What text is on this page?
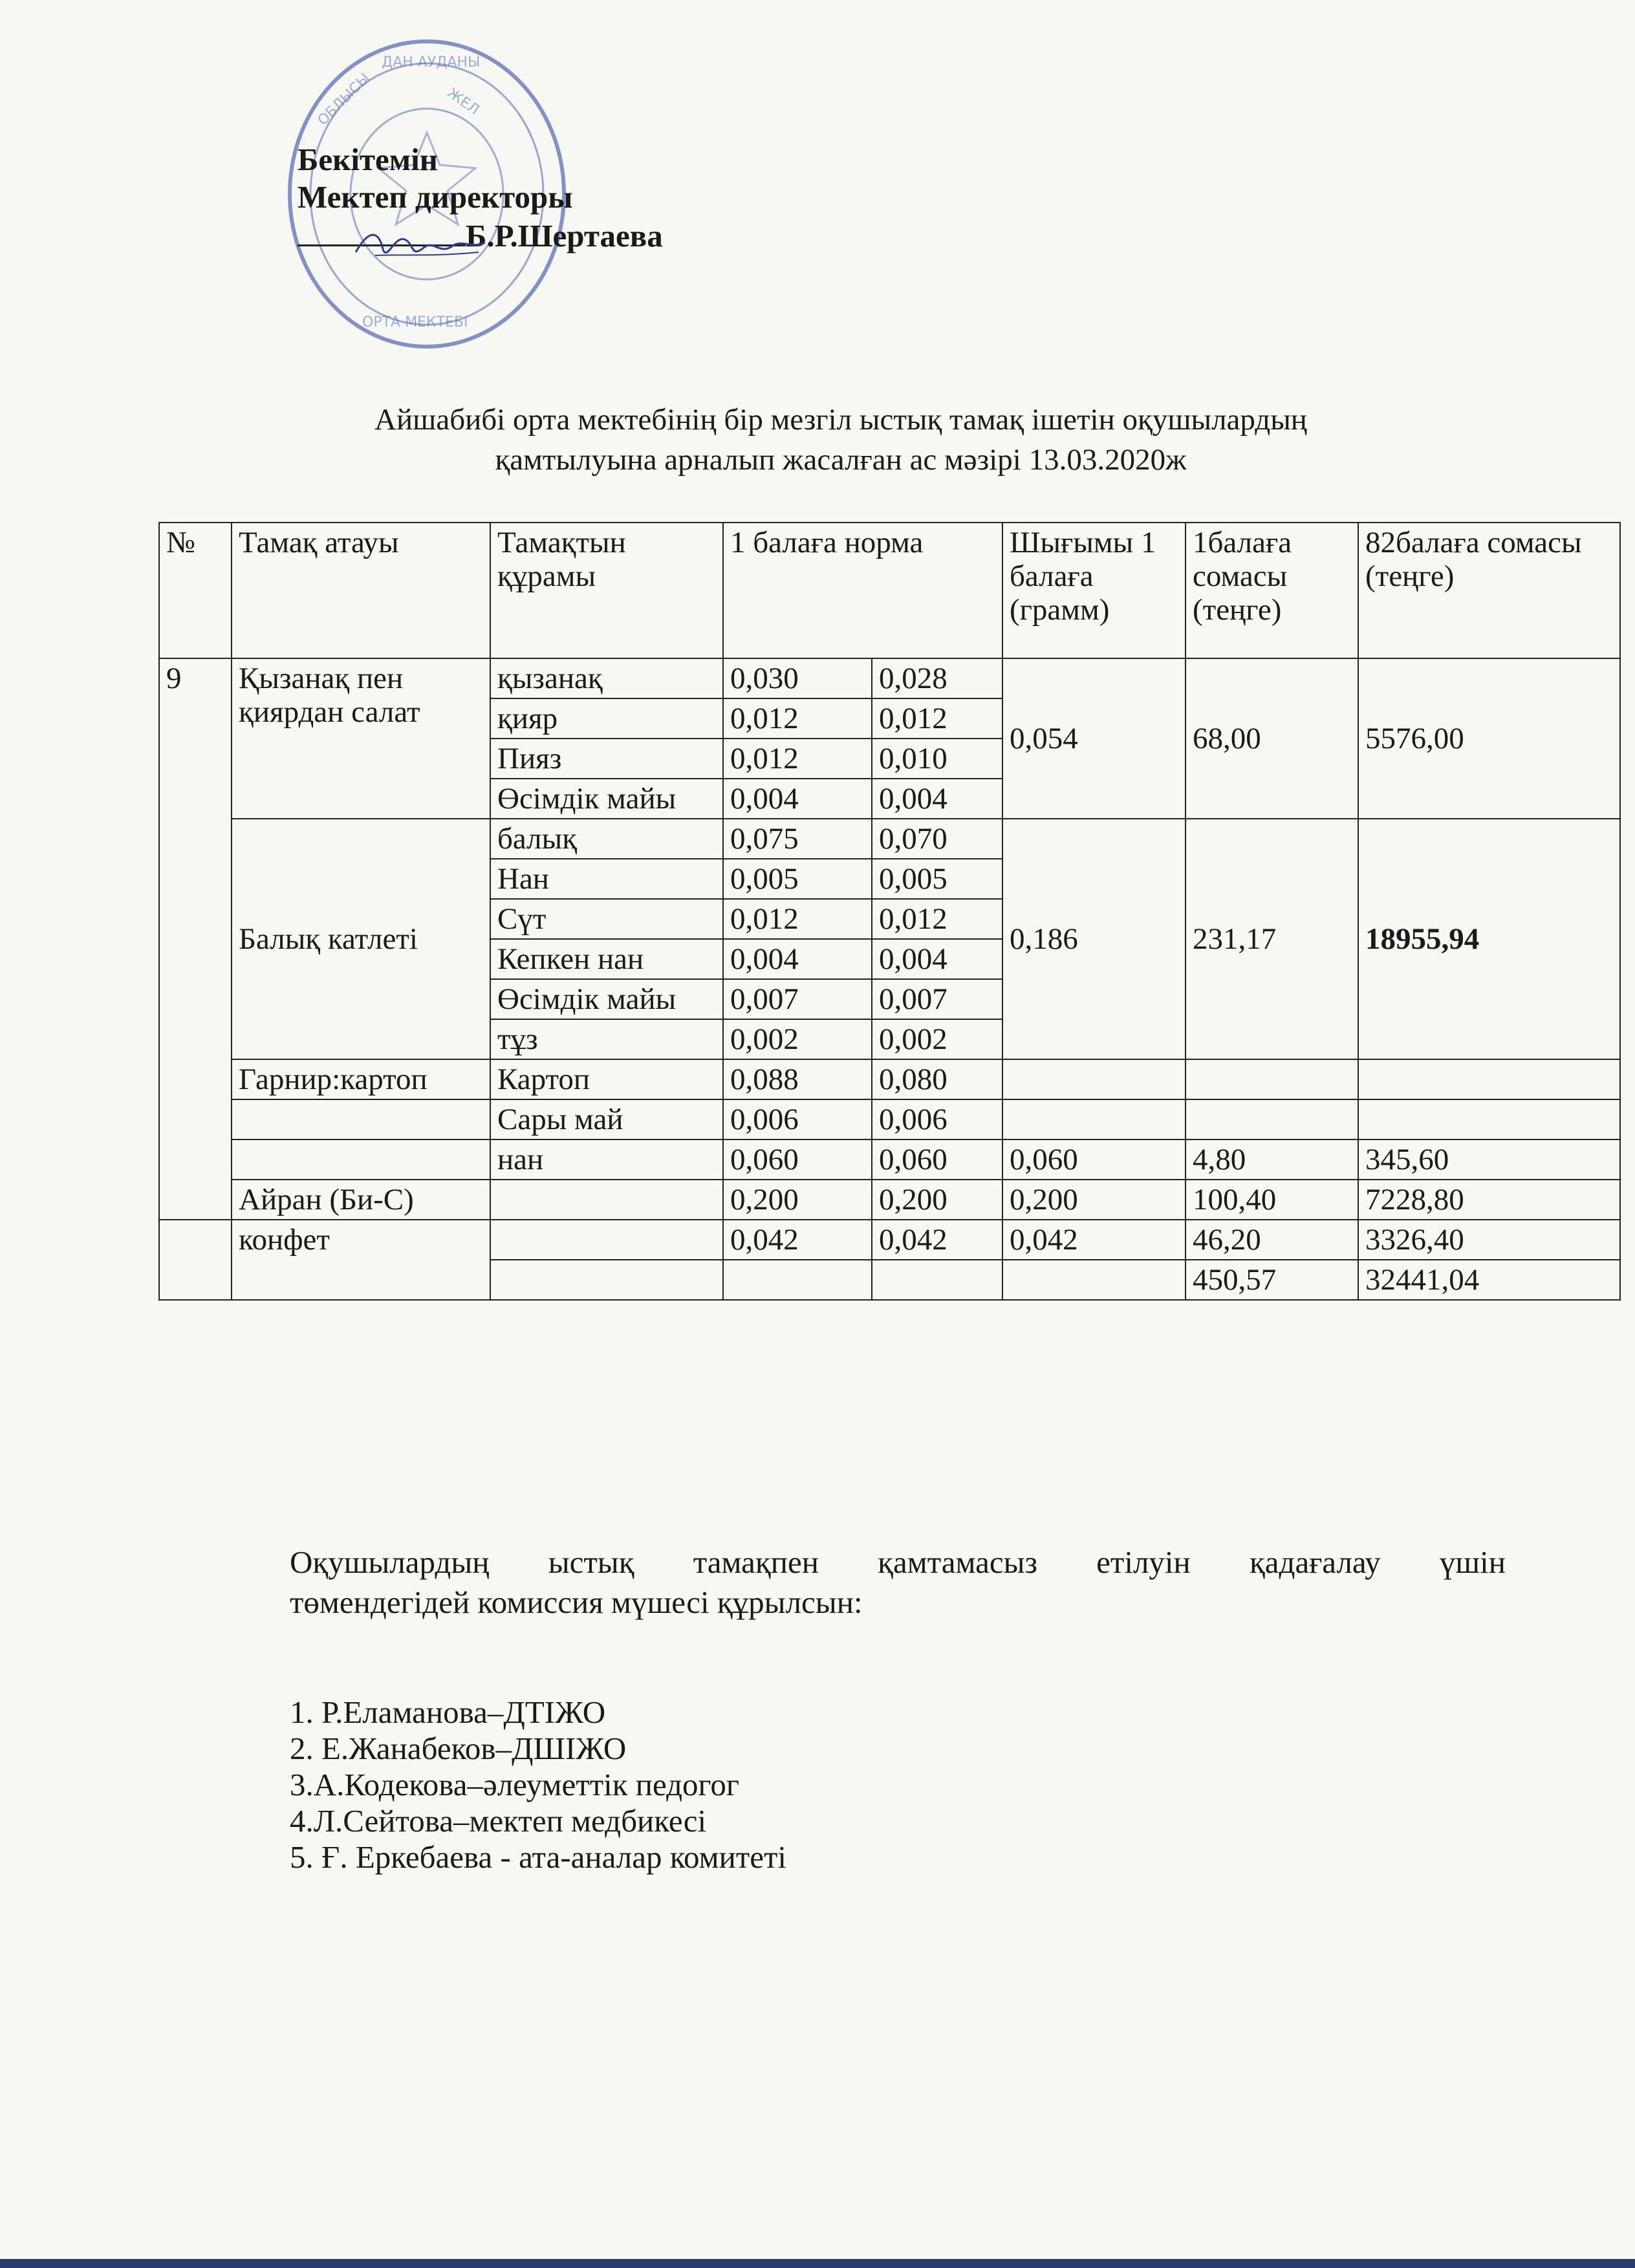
ДАН АУДАНЫ
ЖЕЛ
ОБЛЫСЫ
ОРТА МЕКТЕБІ
Бекітемін
Мектеп директоры
Б.Р.Шертаева
Айшабибі орта мектебінің бір мезгіл ыстық тамақ ішетін оқушылардың
қамтылуына арналып жасалған ас мәзірі 13.03.2020ж
№	Тамақ атауы	Тамақтын құрамы	1 балаға норма		Шығымы 1 балаға (грамм)	1балаға сомасы (теңге)	82балаға сомасы (теңге)
9	Қызанақ пен қиярдан салат	қызанақ	0,030	0,028	0,054	68,00	5576,00
		қияр	0,012	0,012			
		Пияз	0,012	0,010			
		Өсімдік майы	0,004	0,004			
	Балық катлеті	балық	0,075	0,070	0,186	231,17	18955,94
		Нан	0,005	0,005			
		Сүт	0,012	0,012			
		Кепкен нан	0,004	0,004			
		Өсімдік майы	0,007	0,007			
		тұз	0,002	0,002			
	Гарнир:картоп	Картоп	0,088	0,080			
		Сары май	0,006	0,006			
		нан	0,060	0,060	0,060	4,80	345,60
	Айран (Би-С)		0,200	0,200	0,200	100,40	7228,80
	конфет		0,042	0,042	0,042	46,20	3326,40
						450,57	32441,04
Оқушылардың ыстық тамақпен қамтамасыз етілуін қадағалау үшін
төмендегідей комиссия мүшесі құрылсын:
1. Р.Еламанова–ДТІЖО
2. Е.Жанабеков–ДШІЖО
3.А.Кодекова–әлеуметтік педогог
4.Л.Сейтова–мектеп медбикесі
5. Ғ. Еркебаева - ата-аналар комитеті
